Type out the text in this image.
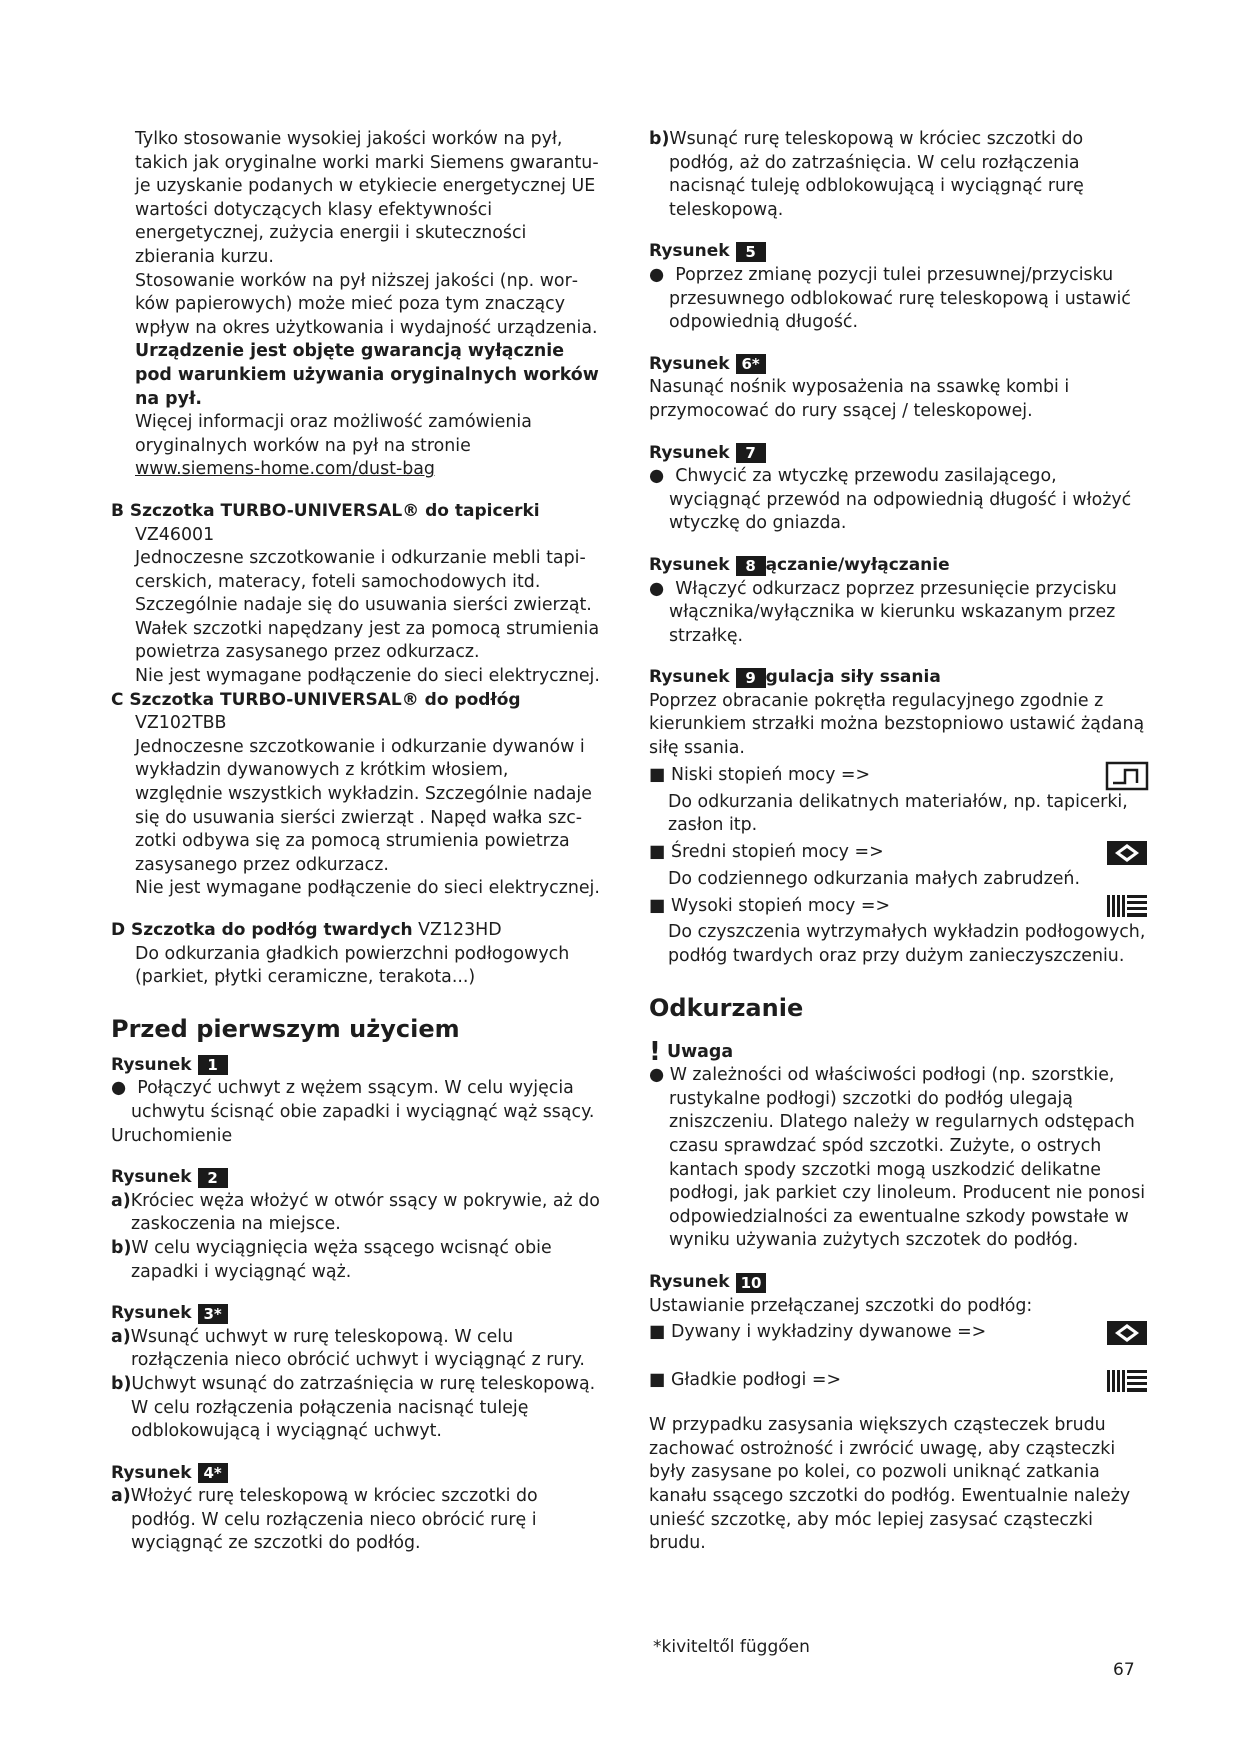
Tylko stosowanie wysokiej jakości worków na pył, takich jak oryginalne worki marki Siemens gwarantuje uzyskanie podanych w etykiecie energetycznej UE wartości dotyczących klasy efektywności energetycznej, zużycia energii i skuteczności zbierania kurzu.

Stosowanie worków na pył niższej jakości (np. worków papierowych) może mieć poza tym znaczący wpływ na okres użytkowania i wydajność urządzenia.

Urządzenie jest objęte gwarancją wyłącznie pod warunkiem używania oryginalnych worków na pył.

Więcej informacji oraz możliwość zamówienia oryginalnych worków na pył na stronie

www.siemens-home.com/dust-bag

B Szczotka TURBO-UNIVERSAL® do tapicerki

VZ46001

Jednoczesne szczotkowanie i odkurzanie mebli tapicerskich, materacy, foteli samochodowych itd. Szczególnie nadaje się do usuwania sierści zwierząt. Wałek szczotki napędzany jest za pomocą strumienia powietrza zasysanego przez odkurzacz.

Nie jest wymagane podłączenie do sieci elektrycznej.

C Szczotka TURBO-UNIVERSAL® do podłóg

VZ102TBB

Jednoczesne szczotkowanie i odkurzanie dywanów i wykładzin dywanowych z krótkim włosiem, względnie wszystkich wykładzin. Szczególnie nadaje się do usuwania sierści zwierząt . Napęd wałka szczotki odbywa się za pomocą strumienia powietrza zasysanego przez odkurzacz.

Nie jest wymagane podłączenie do sieci elektrycznej.

D Szczotka do podłóg twardych VZ123HD

Do odkurzania gładkich powierzchni podłogowych (parkiet, płytki ceramiczne, terakota...)

Przed pierwszym użyciem

Rysunek	1

●  Połączyć uchwyt z wężem ssącym. W celu wyjęcia uchwytu ścisnąć obie zapadki i wyciągnąć wąż ssący.

Uruchomienie

Rysunek	2

a)Króciec węża włożyć w otwór ssący w pokrywie, aż do zaskoczenia na miejsce.

b)W celu wyciągnięcia węża ssącego wcisnąć obie zapadki i wyciągnąć wąż.

Rysunek 3*

a)Wsunąć uchwyt w rurę teleskopową. W celu rozłączenia nieco obrócić uchwyt i wyciągnąć z rury.

b)Uchwyt wsunąć do zatrzaśnięcia w rurę teleskopową. W celu rozłączenia połączenia nacisnąć tuleję odblokowującą i wyciągnąć uchwyt.

Rysunek 4*

a)Włożyć rurę teleskopową w króciec szczotki do podłóg. W celu rozłączenia nieco obrócić rurę i wyciągnąć ze szczotki do podłóg.

b)Wsunąć rurę teleskopową w króciec szczotki do podłóg, aż do zatrzaśnięcia. W celu rozłączenia nacisnąć tuleję odblokowującą i wyciągnąć rurę teleskopową.

Rysunek	5

●  Poprzez zmianę pozycji tulei przesuwnej/przycisku przesuwnego odblokować rurę teleskopową i ustawić odpowiednią długość.

Rysunek 6*

Nasunąć nośnik wyposażenia na ssawkę kombi i przymocować do rury ssącej / teleskopowej.

Rysunek	7

●  Chwycić za wtyczkę przewodu zasilającego, wyciągnąć przewód na odpowiednią długość i włożyć wtyczkę do gniazda.

Rysunek	8 ączanie/wyłączanie

●  Włączyć odkurzacz poprzez przesunięcie przycisku włącznika/wyłącznika w kierunku wskazanym przez strzałkę.

Rysunek	9 gulacja siły ssania

Poprzez obracanie pokrętła regulacyjnego zgodnie z kierunkiem strzałki można bezstopniowo ustawić żądaną siłę ssania.

■ Niski stopień mocy =>

Do odkurzania delikatnych materiałów, np. tapicerki, zasłon itp.

■ Średni stopień mocy =>

Do codziennego odkurzania małych zabrudzeń.

■ Wysoki stopień mocy =>

Do czyszczenia wytrzymałych wykładzin podłogowych, podłóg twardych oraz przy dużym zanieczyszczeniu.

Odkurzanie

! Uwaga

● W zależności od właściwości podłogi (np. szorstkie, rustykalne podłogi) szczotki do podłóg ulegają zniszczeniu. Dlatego należy w regularnych odstępach czasu sprawdzać spód szczotki. Zużyte, o ostrych kantach spody szczotki mogą uszkodzić delikatne podłogi, jak parkiet czy linoleum. Producent nie ponosi odpowiedzialności za ewentualne szkody powstałe w wyniku używania zużytych szczotek do podłóg.

Rysunek 10

Ustawianie przełączanej szczotki do podłóg:

■ Dywany i wykładziny dywanowe =>
■ Gładkie podłogi =>

W przypadku zasysania większych cząsteczek brudu zachować ostrożność i zwrócić uwagę, aby cząsteczki były zasysane po kolei, co pozwoli uniknąć zatkania kanału ssącego szczotki do podłóg. Ewentualnie należy unieść szczotkę, aby móc lepiej zasysać cząsteczki brudu.

*kiviteltől függően
67
